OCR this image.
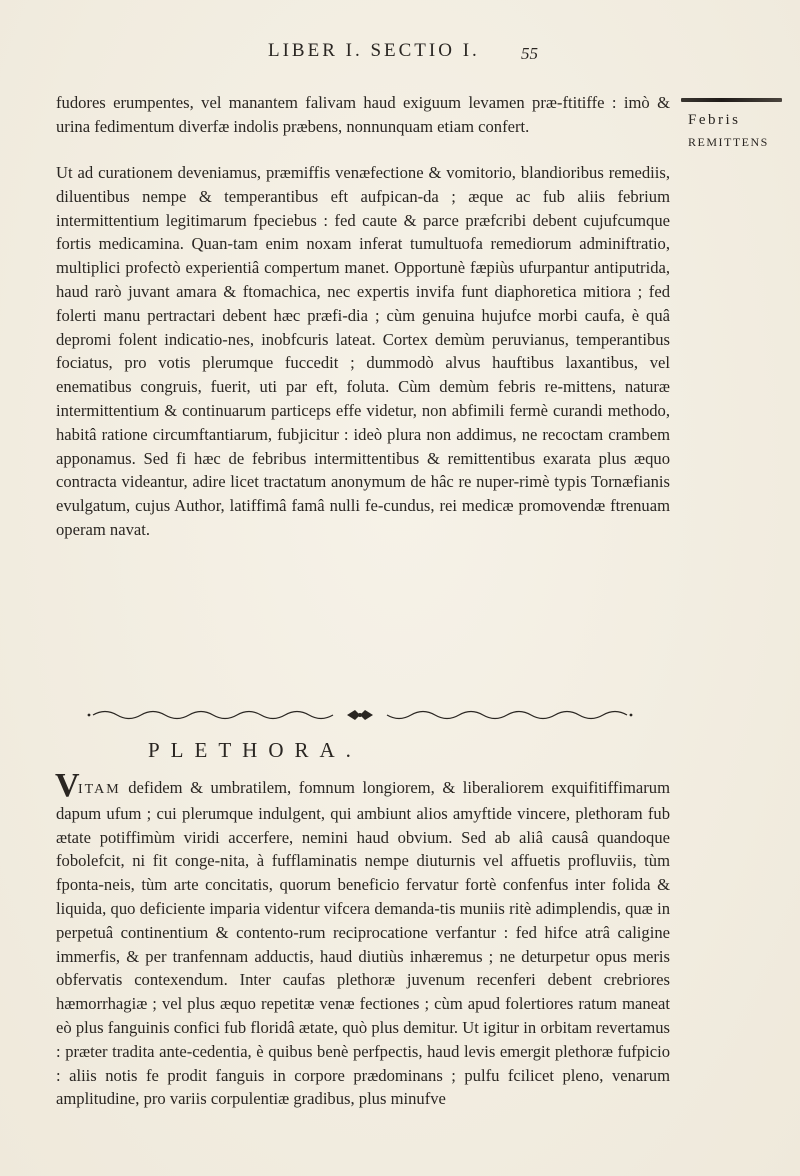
LIBER I. SECTIO I. 55
Febris
REMITTENS
fudores erumpentes, vel manantem falivam haud exiguum levamen præ-ftitiffe : imò & urina fedimentum diverfæ indolis præbens, nonnunquam etiam confert.
Ut ad curationem deveniamus, præmiffis venæfectione & vomitorio, blandioribus remediis, diluentibus nempe & temperantibus eft aufpican-da ; æque ac fub aliis febrium intermittentium legitimarum fpeciebus : fed caute & parce præfcribi debent cujufcumque fortis medicamina. Quan-tam enim noxam inferat tumultuofa remediorum adminiftratio, multiplici profectò experientiâ compertum manet. Opportunè fæpiùs ufurpantur antiputrida, haud rarò juvant amara & ftomachica, nec expertis invifa funt diaphoretica mitiora ; fed folerti manu pertractari debent hæc præfi-dia ; cùm genuina hujufce morbi caufa, è quâ depromi folent indicatio-nes, inobfcuris lateat. Cortex demùm peruvianus, temperantibus fociatus, pro votis plerumque fuccedit ; dummodò alvus hauftibus laxantibus, vel enematibus congruis, fuerit, uti par eft, foluta. Cùm demùm febris re-mittens, naturæ intermittentium & continuarum particeps effe videtur, non abfimili fermè curandi methodo, habitâ ratione circumftantiarum, fubjicitur : ideò plura non addimus, ne recoctam crambem apponamus. Sed fi hæc de febribus intermittentibus & remittentibus exarata plus æquo contracta videantur, adire licet tractatum anonymum de hâc re nuper-rimè typis Tornæfianis evulgatum, cujus Author, latiffimâ famâ nulli fe-cundus, rei medicæ promovendæ ftrenuam operam navat.
PLETHORA.
V
ITAM defidem & umbratilem, fomnum longiorem, & liberaliorem exquifitiffimarum dapum ufum ; cui plerumque indulgent, qui ambiunt alios amyftide vincere, plethoram fub ætate potiffimùm viridi accerfere, nemini haud obvium. Sed ab aliâ causâ quandoque fobolefcit, ni fit conge-nita, à fufflaminatis nempe diuturnis vel affuetis profluviis, tùm fponta-neis, tùm arte concitatis, quorum beneficio fervatur fortè confenfus inter folida & liquida, quo deficiente imparia videntur vifcera demanda-tis muniis ritè adimplendis, quæ in perpetuâ continentium & contento-rum reciprocatione verfantur : fed hifce atrâ caligine immerfis, & per tranfennam adductis, haud diutiùs inhæremus ; ne deturpetur opus meris obfervatis contexendum. Inter caufas plethoræ juvenum recenferi debent crebriores hæmorrhagiæ ; vel plus æquo repetitæ venæ fectiones ; cùm apud folertiores ratum maneat eò plus fanguinis confici fub floridâ ætate, quò plus demitur. Ut igitur in orbitam revertamus : præter tradita ante-cedentia, è quibus benè perfpectis, haud levis emergit plethoræ fufpicio : aliis notis fe prodit fanguis in corpore prædominans ; pulfu fcilicet pleno, venarum amplitudine, pro variis corpulentiæ gradibus, plus minufve
